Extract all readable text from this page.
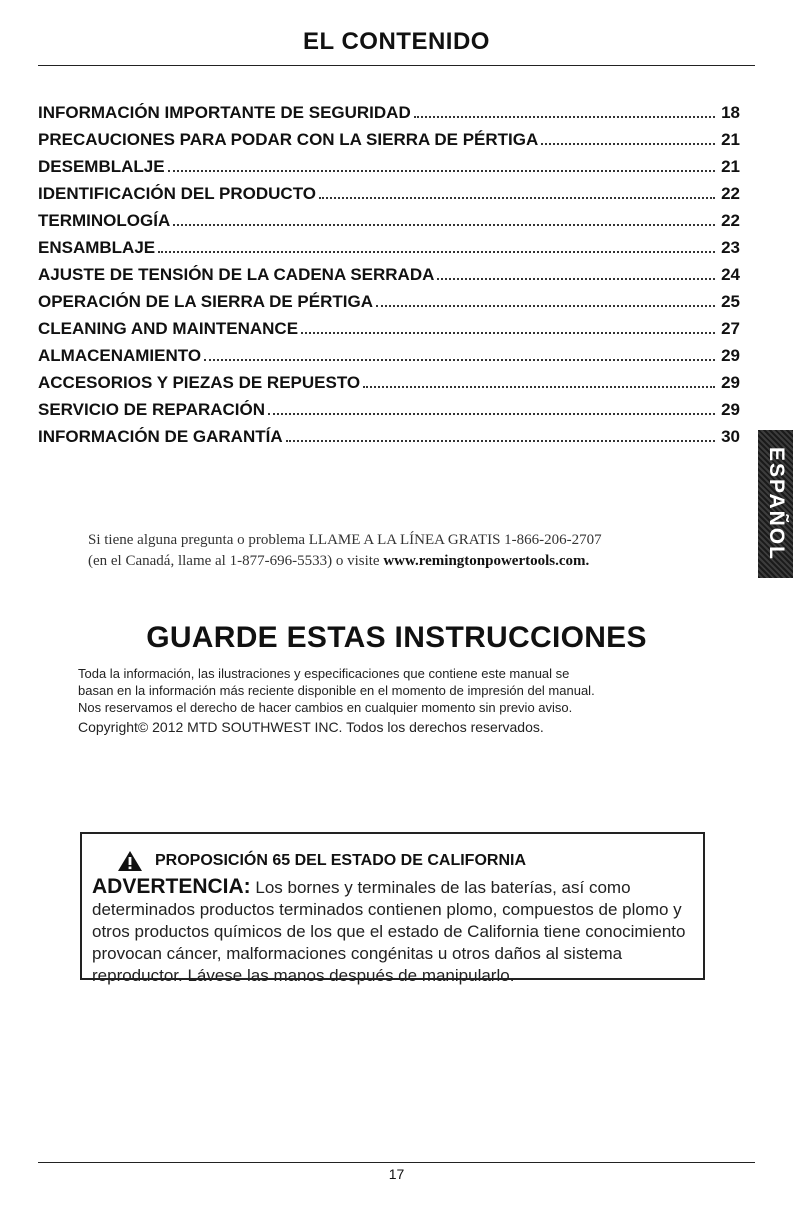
EL CONTENIDO
INFORMACIÓN IMPORTANTE DE SEGURIDAD	18
PRECAUCIONES PARA PODAR CON LA SIERRA DE PÉRTIGA	21
DESEMBLALJE	21
IDENTIFICACIÓN DEL PRODUCTO	22
TERMINOLOGÍA	22
ENSAMBLAJE	23
AJUSTE DE TENSIÓN DE LA CADENA SERRADA	24
OPERACIÓN DE LA SIERRA DE PÉRTIGA	25
CLEANING AND MAINTENANCE	27
ALMACENAMIENTO	29
ACCESORIOS Y PIEZAS DE REPUESTO	29
SERVICIO DE REPARACIÓN	29
INFORMACIÓN DE GARANTÍA	30
ESPAÑOL
Si tiene alguna pregunta o problema LLAME A LA LÍNEA GRATIS 1-866-206-2707
(en el Canadá, llame al 1-877-696-5533) o visite www.remingtonpowertools.com.
GUARDE ESTAS INSTRUCCIONES

Toda la información, las ilustraciones y especificaciones que contiene este manual se

basan en la información más reciente disponible en el momento de impresión del manual.

Nos reservamos el derecho de hacer cambios en cualquier momento sin previo aviso.

Copyright© 2012 MTD SOUTHWEST INC. Todos los derechos reservados.

PROPOSICIÓN 65 DEL ESTADO DE CALIFORNIA
ADVERTENCIA: Los bornes y terminales de las baterías, así como determinados productos terminados contienen plomo, compuestos de plomo y otros productos químicos de los que el estado de California tiene conocimiento provocan cáncer, malformaciones congénitas u otros daños al sistema reproductor. Lávese las manos después de manipularlo.
17
